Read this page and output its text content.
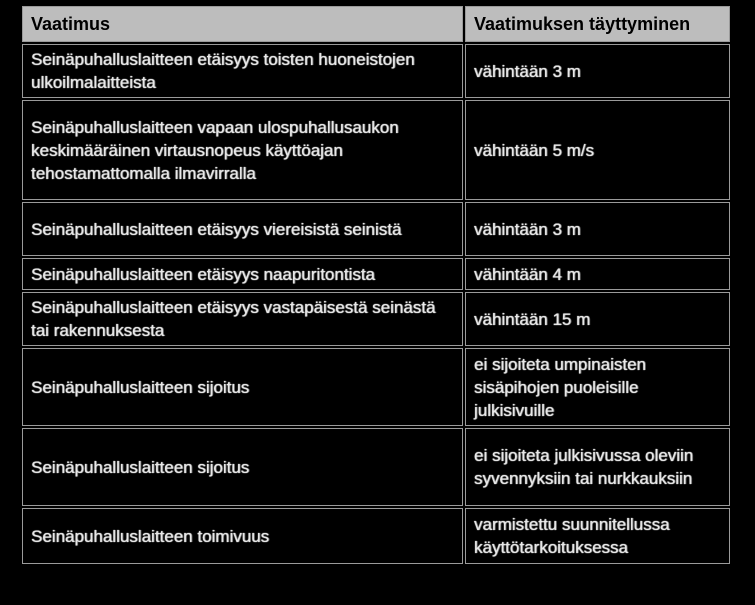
Vaatimus	Vaatimuksen täyttyminen
Seinäpuhalluslaitteen etäisyys toisten huoneistojen ulkoilmalaitteista	vähintään 3 m
Seinäpuhalluslaitteen vapaan ulospuhallusaukon keskimääräinen virtausnopeus käyttöajan tehostamattomalla ilmavirralla	vähintään 5 m/s
Seinäpuhalluslaitteen etäisyys viereisistä seinistä	vähintään 3 m
Seinäpuhalluslaitteen etäisyys naapuritontista	vähintään 4 m
Seinäpuhalluslaitteen etäisyys vastapäisestä seinästä tai rakennuksesta	vähintään 15 m
Seinäpuhalluslaitteen sijoitus	ei sijoiteta umpinaisten sisäpihojen puoleisille julkisivuille
Seinäpuhalluslaitteen sijoitus	ei sijoiteta julkisivussa oleviin syvennyksiin tai nurkkauksiin
Seinäpuhalluslaitteen toimivuus	varmistettu suunnitellussa käyttötarkoituksessa
